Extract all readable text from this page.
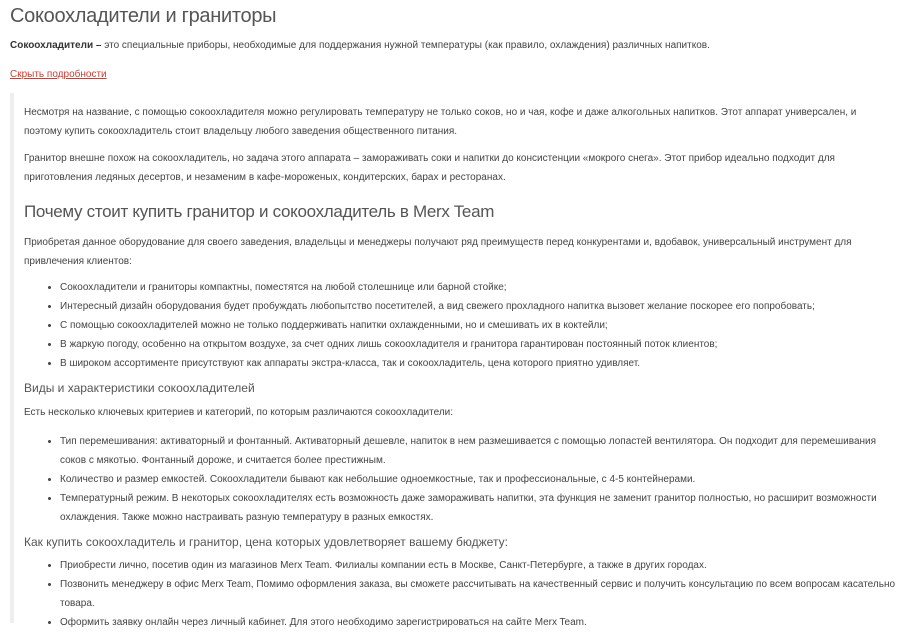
Сокоохладители и граниторы

Сокоохладители – это специальные приборы, необходимые для поддержания нужной температуры (как правило, охлаждения) различных напитков.

Скрыть подробности

Несмотря на название, с помощью сокоохладителя можно регулировать температуру не только соков, но и чая, кофе и даже алкогольных напитков. Этот аппарат универсален, и поэтому купить сокоохладитель стоит владельцу любого заведения общественного питания.

Гранитор внешне похож на сокоохладитель, но задача этого аппарата – замораживать соки и напитки до консистенции «мокрого снега». Этот прибор идеально подходит для приготовления ледяных десертов, и незаменим в кафе-мороженых, кондитерских, барах и ресторанах.

Почему стоит купить гранитор и сокоохладитель в Merx Team

Приобретая данное оборудование для своего заведения, владельцы и менеджеры получают ряд преимуществ перед конкурентами и, вдобавок, универсальный инструмент для привлечения клиентов:

• Сокоохладители и граниторы компактны, поместятся на любой столешнице или барной стойке;
• Интересный дизайн оборудования будет пробуждать любопытство посетителей, а вид свежего прохладного напитка вызовет желание поскорее его попробовать;
• С помощью сокоохладителей можно не только поддерживать напитки охлажденными, но и смешивать их в коктейли;
• В жаркую погоду, особенно на открытом воздухе, за счет одних лишь сокоохладителя и гранитора гарантирован постоянный поток клиентов;
• В широком ассортименте присутствуют как аппараты экстра-класса, так и сокоохладитель, цена которого приятно удивляет.
Виды и характеристики сокоохладителей

Есть несколько ключевых критериев и категорий, по которым различаются сокоохладители:

• Тип перемешивания: активаторный и фонтанный. Активаторный дешевле, напиток в нем размешивается с помощью лопастей вентилятора. Он подходит для перемешивания соков с мякотью. Фонтанный дороже, и считается более престижным.
• Количество и размер емкостей. Сокоохладители бывают как небольшие одноемкостные, так и профессиональные, с 4-5 контейнерами.
• Температурный режим. В некоторых сокоохладителях есть возможность даже замораживать напитки, эта функция не заменит гранитор полностью, но расширит возможности охлаждения. Также можно настраивать разную температуру в разных емкостях.
Как купить сокоохладитель и гранитор, цена которых удовлетворяет вашему бюджету:
• Приобрести лично, посетив один из магазинов Merx Team. Филиалы компании есть в Москве, Санкт-Петербурге, а также в других городах.
• Позвонить менеджеру в офис Merx Team, Помимо оформления заказа, вы сможете рассчитывать на качественный сервис и получить консультацию по всем вопросам касательно товара.
• Оформить заявку онлайн через личный кабинет. Для этого необходимо зарегистрироваться на сайте Merx Team.
